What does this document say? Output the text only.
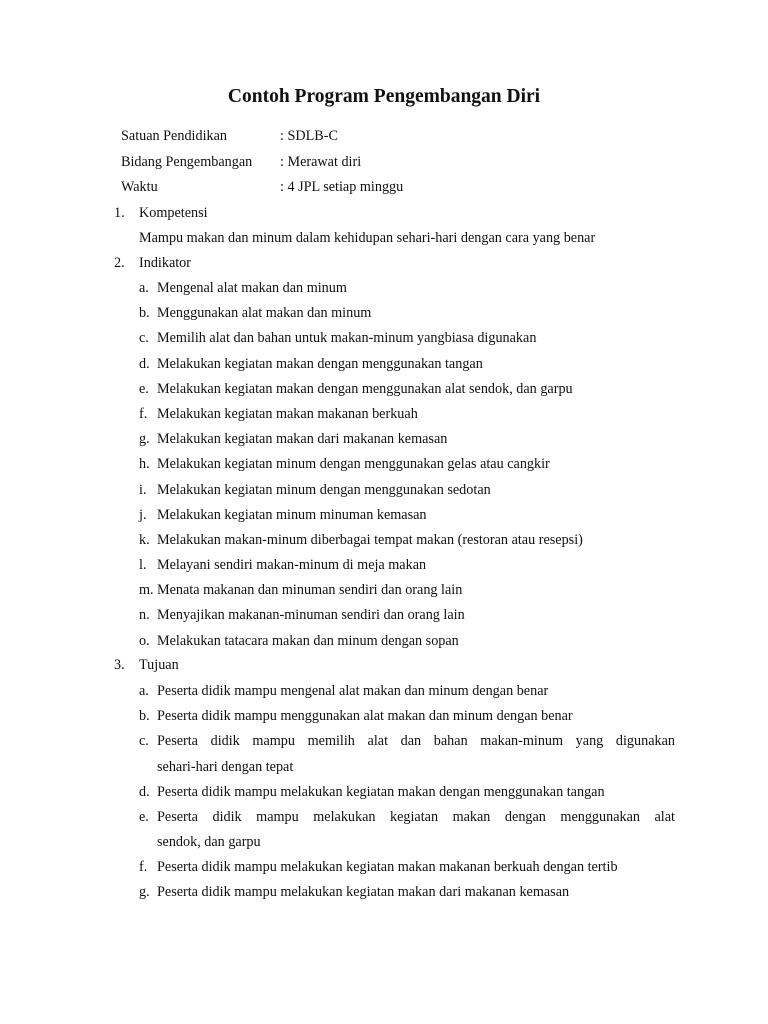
Contoh Program Pengembangan Diri
Satuan Pendidikan	: SDLB-C
Bidang Pengembangan : Merawat diri
Waktu	: 4 JPL setiap minggu
1. Kompetensi
Mampu makan dan minum dalam kehidupan sehari-hari dengan cara yang benar
2. Indikator
a. Mengenal alat makan dan minum
b. Menggunakan alat makan dan minum
c. Memilih alat dan bahan untuk makan-minum yangbiasa digunakan
d. Melakukan kegiatan makan dengan menggunakan tangan
e. Melakukan kegiatan makan dengan menggunakan alat sendok, dan garpu
f. Melakukan kegiatan makan makanan berkuah
g. Melakukan kegiatan makan dari makanan kemasan
h. Melakukan kegiatan minum dengan menggunakan gelas atau cangkir
i. Melakukan kegiatan minum dengan menggunakan sedotan
j. Melakukan kegiatan minum minuman kemasan
k. Melakukan makan-minum diberbagai tempat makan (restoran atau resepsi)
l. Melayani sendiri makan-minum di meja makan
m. Menata makanan dan minuman sendiri dan orang lain
n. Menyajikan makanan-minuman sendiri dan orang lain
o. Melakukan tatacara makan dan minum dengan sopan
3. Tujuan
a. Peserta didik mampu mengenal alat makan dan minum dengan benar
b. Peserta didik mampu menggunakan alat makan dan minum dengan benar
c. Peserta didik mampu memilih alat dan bahan makan-minum yang digunakan
sehari-hari dengan tepat
d. Peserta didik mampu melakukan kegiatan makan dengan menggunakan tangan
e. Peserta didik mampu melakukan kegiatan makan dengan menggunakan alat
sendok, dan garpu
f. Peserta didik mampu melakukan kegiatan makan makanan berkuah dengan tertib
g. Peserta didik mampu melakukan kegiatan makan dari makanan kemasan
